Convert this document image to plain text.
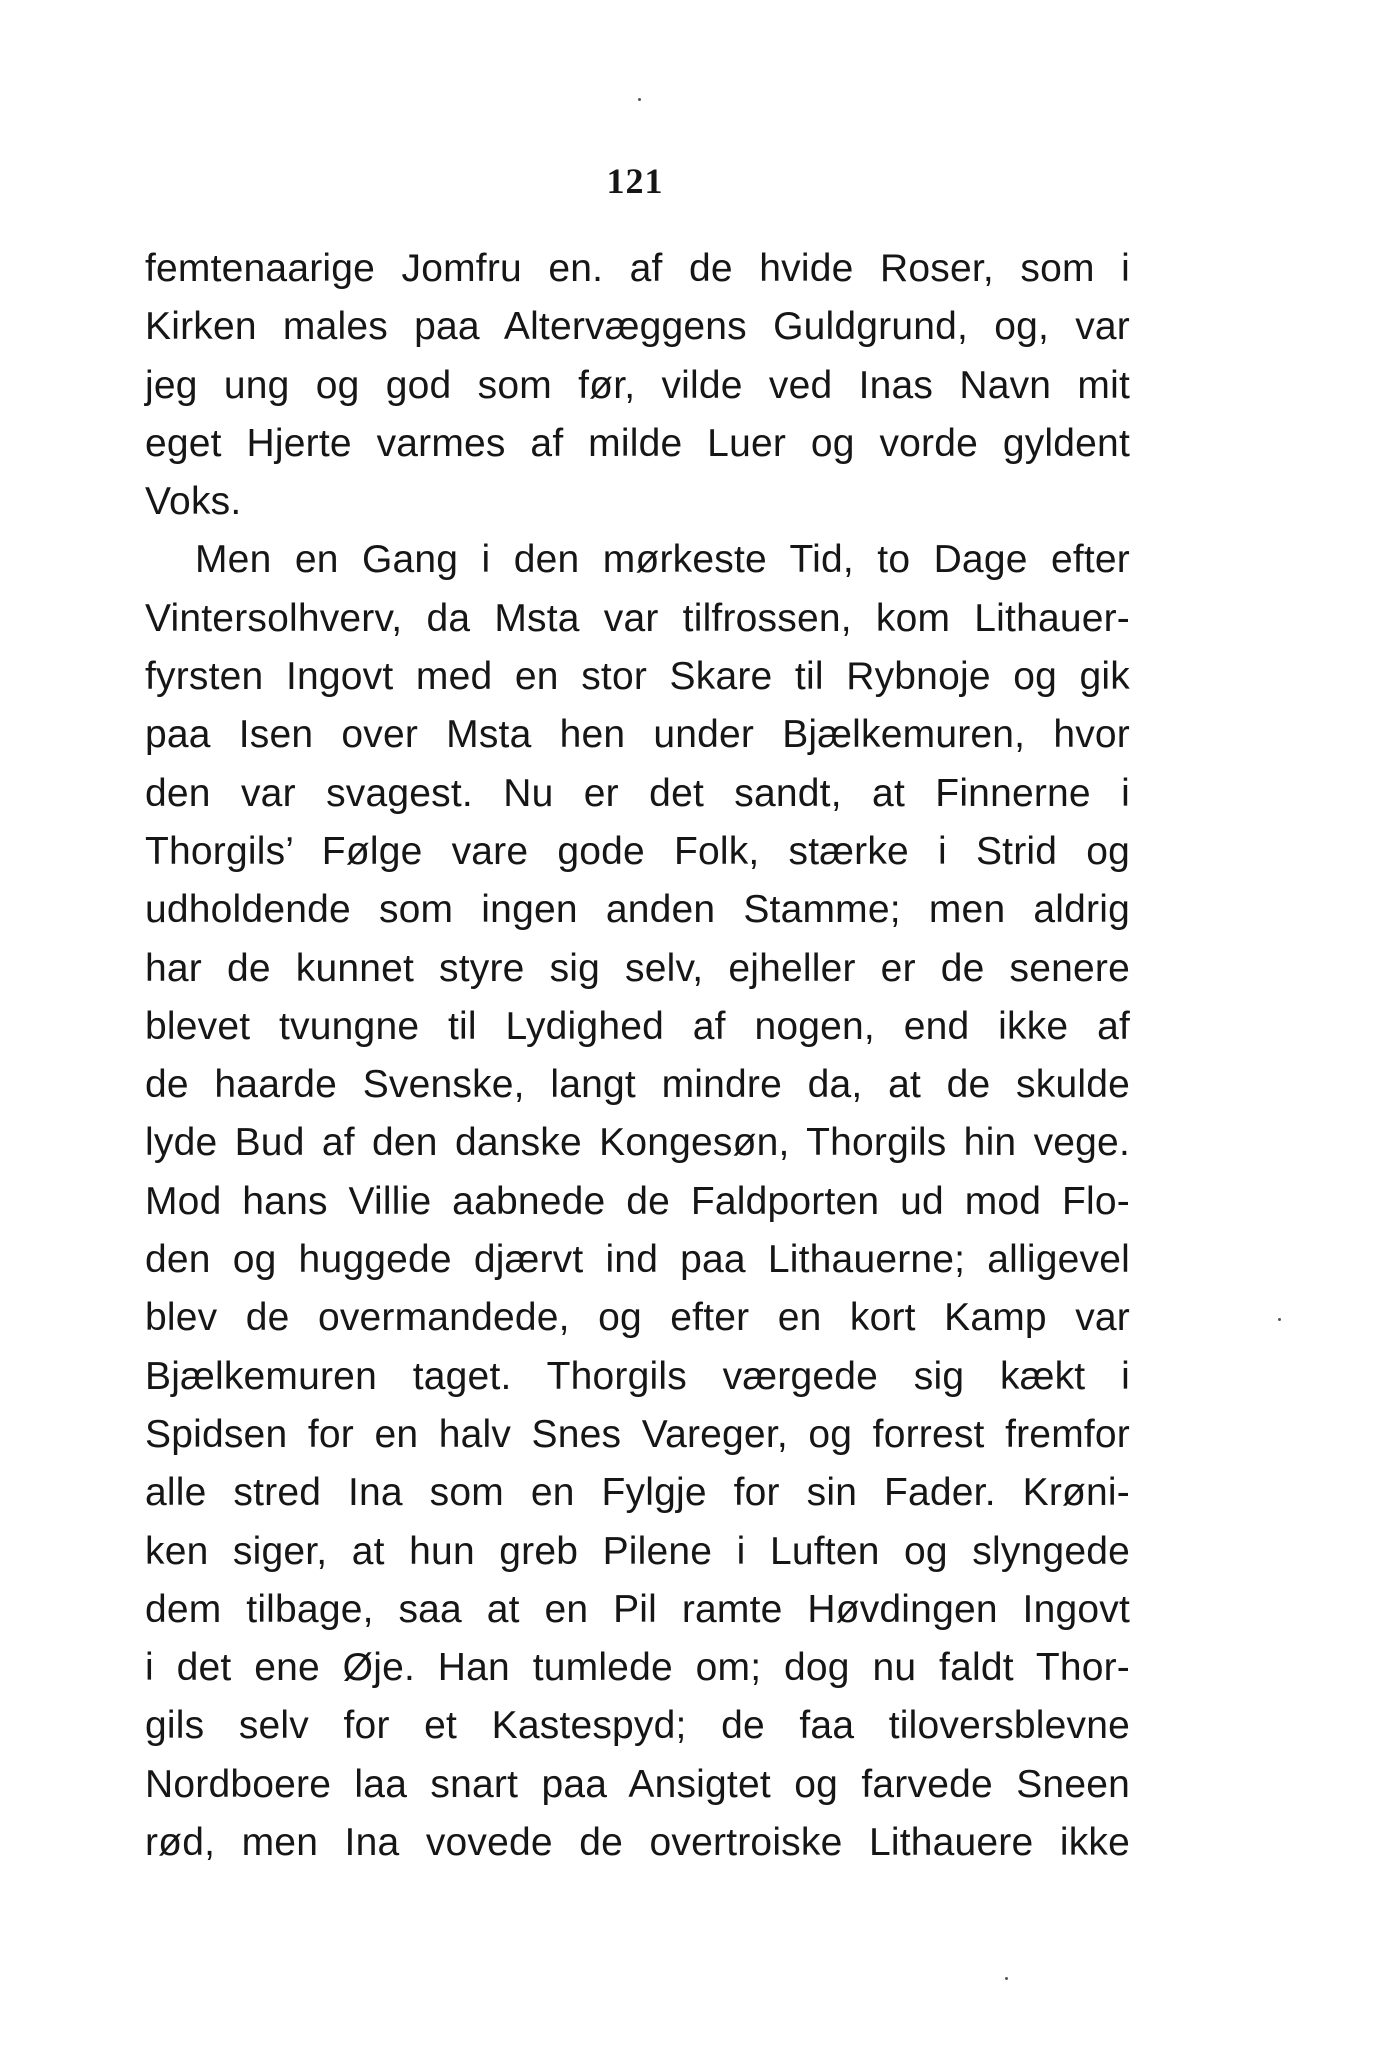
121
femtenaarige Jomfru en. af de hvide Roser, som i
Kirken males paa Altervæggens Guldgrund, og, var
jeg ung og god som før, vilde ved Inas Navn mit
eget Hjerte varmes af milde Luer og vorde gyldent
Voks.
Men en Gang i den mørkeste Tid, to Dage efter
Vintersolhverv, da Msta var tilfrossen, kom Lithauer-
fyrsten Ingovt med en stor Skare til Rybnoje og gik
paa Isen over Msta hen under Bjælkemuren, hvor
den var svagest. Nu er det sandt, at Finnerne i
Thorgils’ Følge vare gode Folk, stærke i Strid og
udholdende som ingen anden Stamme; men aldrig
har de kunnet styre sig selv, ejheller er de senere
blevet tvungne til Lydighed af nogen, end ikke af
de haarde Svenske, langt mindre da, at de skulde
lyde Bud af den danske Kongesøn, Thorgils hin vege.
Mod hans Villie aabnede de Faldporten ud mod Flo-
den og huggede djærvt ind paa Lithauerne; alligevel
blev de overmandede, og efter en kort Kamp var
Bjælkemuren taget. Thorgils værgede sig kækt i
Spidsen for en halv Snes Vareger, og forrest fremfor
alle stred Ina som en Fylgje for sin Fader. Krøni-
ken siger, at hun greb Pilene i Luften og slyngede
dem tilbage, saa at en Pil ramte Høvdingen Ingovt
i det ene Øje. Han tumlede om; dog nu faldt Thor-
gils selv for et Kastespyd; de faa tiloversblevne
Nordboere laa snart paa Ansigtet og farvede Sneen
rød, men Ina vovede de overtroiske Lithauere ikke
